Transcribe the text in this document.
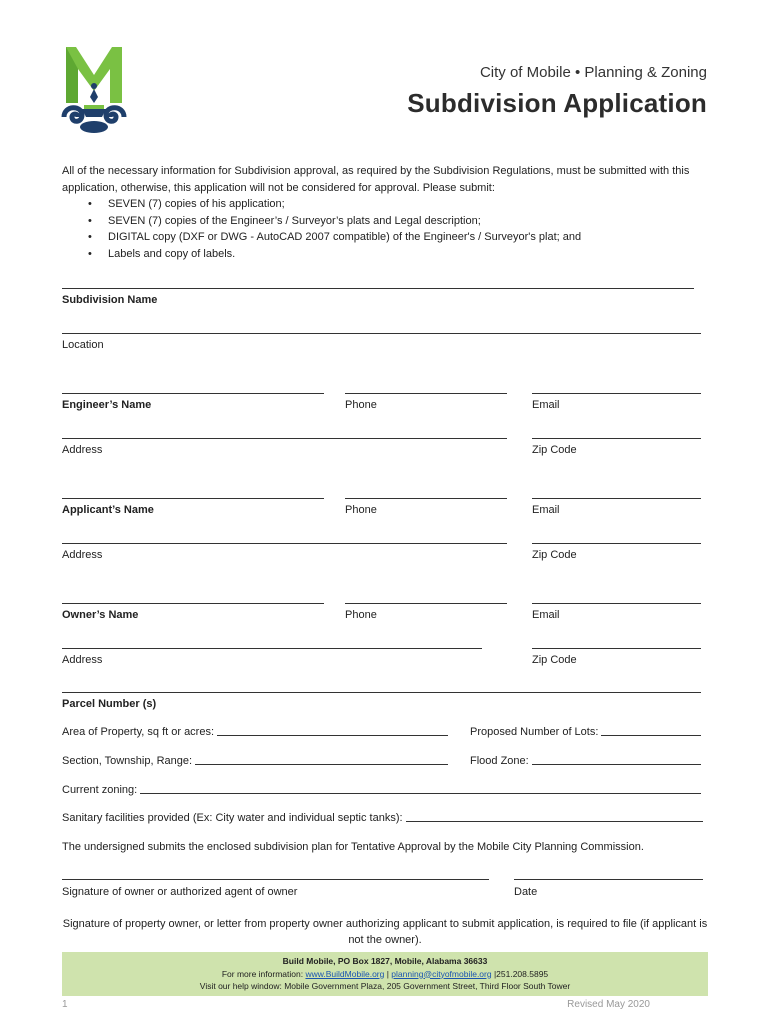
City of Mobile • Planning & Zoning
Subdivision Application
All of the necessary information for Subdivision approval, as required by the Subdivision Regulations, must be submitted with this application, otherwise, this application will not be considered for approval. Please submit:
• SEVEN (7) copies of his application;
• SEVEN (7) copies of the Engineer’s / Surveyor’s plats and Legal description;
• DIGITAL copy (DXF or DWG - AutoCAD 2007 compatible) of the Engineer's / Surveyor's plat; and
• Labels and copy of labels.
Subdivision Name
Location
Engineer’s Name	Phone	Email
Address	Zip Code
Applicant’s Name	Phone	Email
Address	Zip Code
Owner’s Name	Phone	Email
Address	Zip Code
Parcel Number (s)
Area of Property, sq ft or acres:	Proposed Number of Lots:
Section, Township, Range:	Flood Zone:
Current zoning:
Sanitary facilities provided (Ex: City water and individual septic tanks):
The undersigned submits the enclosed subdivision plan for Tentative Approval by the Mobile City Planning Commission.
Signature of owner or authorized agent of owner	Date
Signature of property owner, or letter from property owner authorizing applicant to submit application, is required to file (if applicant is not the owner).
Build Mobile, PO Box 1827, Mobile, Alabama 36633
For more information: www.BuildMobile.org | planning@cityofmobile.org |251.208.5895
Visit our help window: Mobile Government Plaza, 205 Government Street, Third Floor South Tower
1	Revised May 2020
